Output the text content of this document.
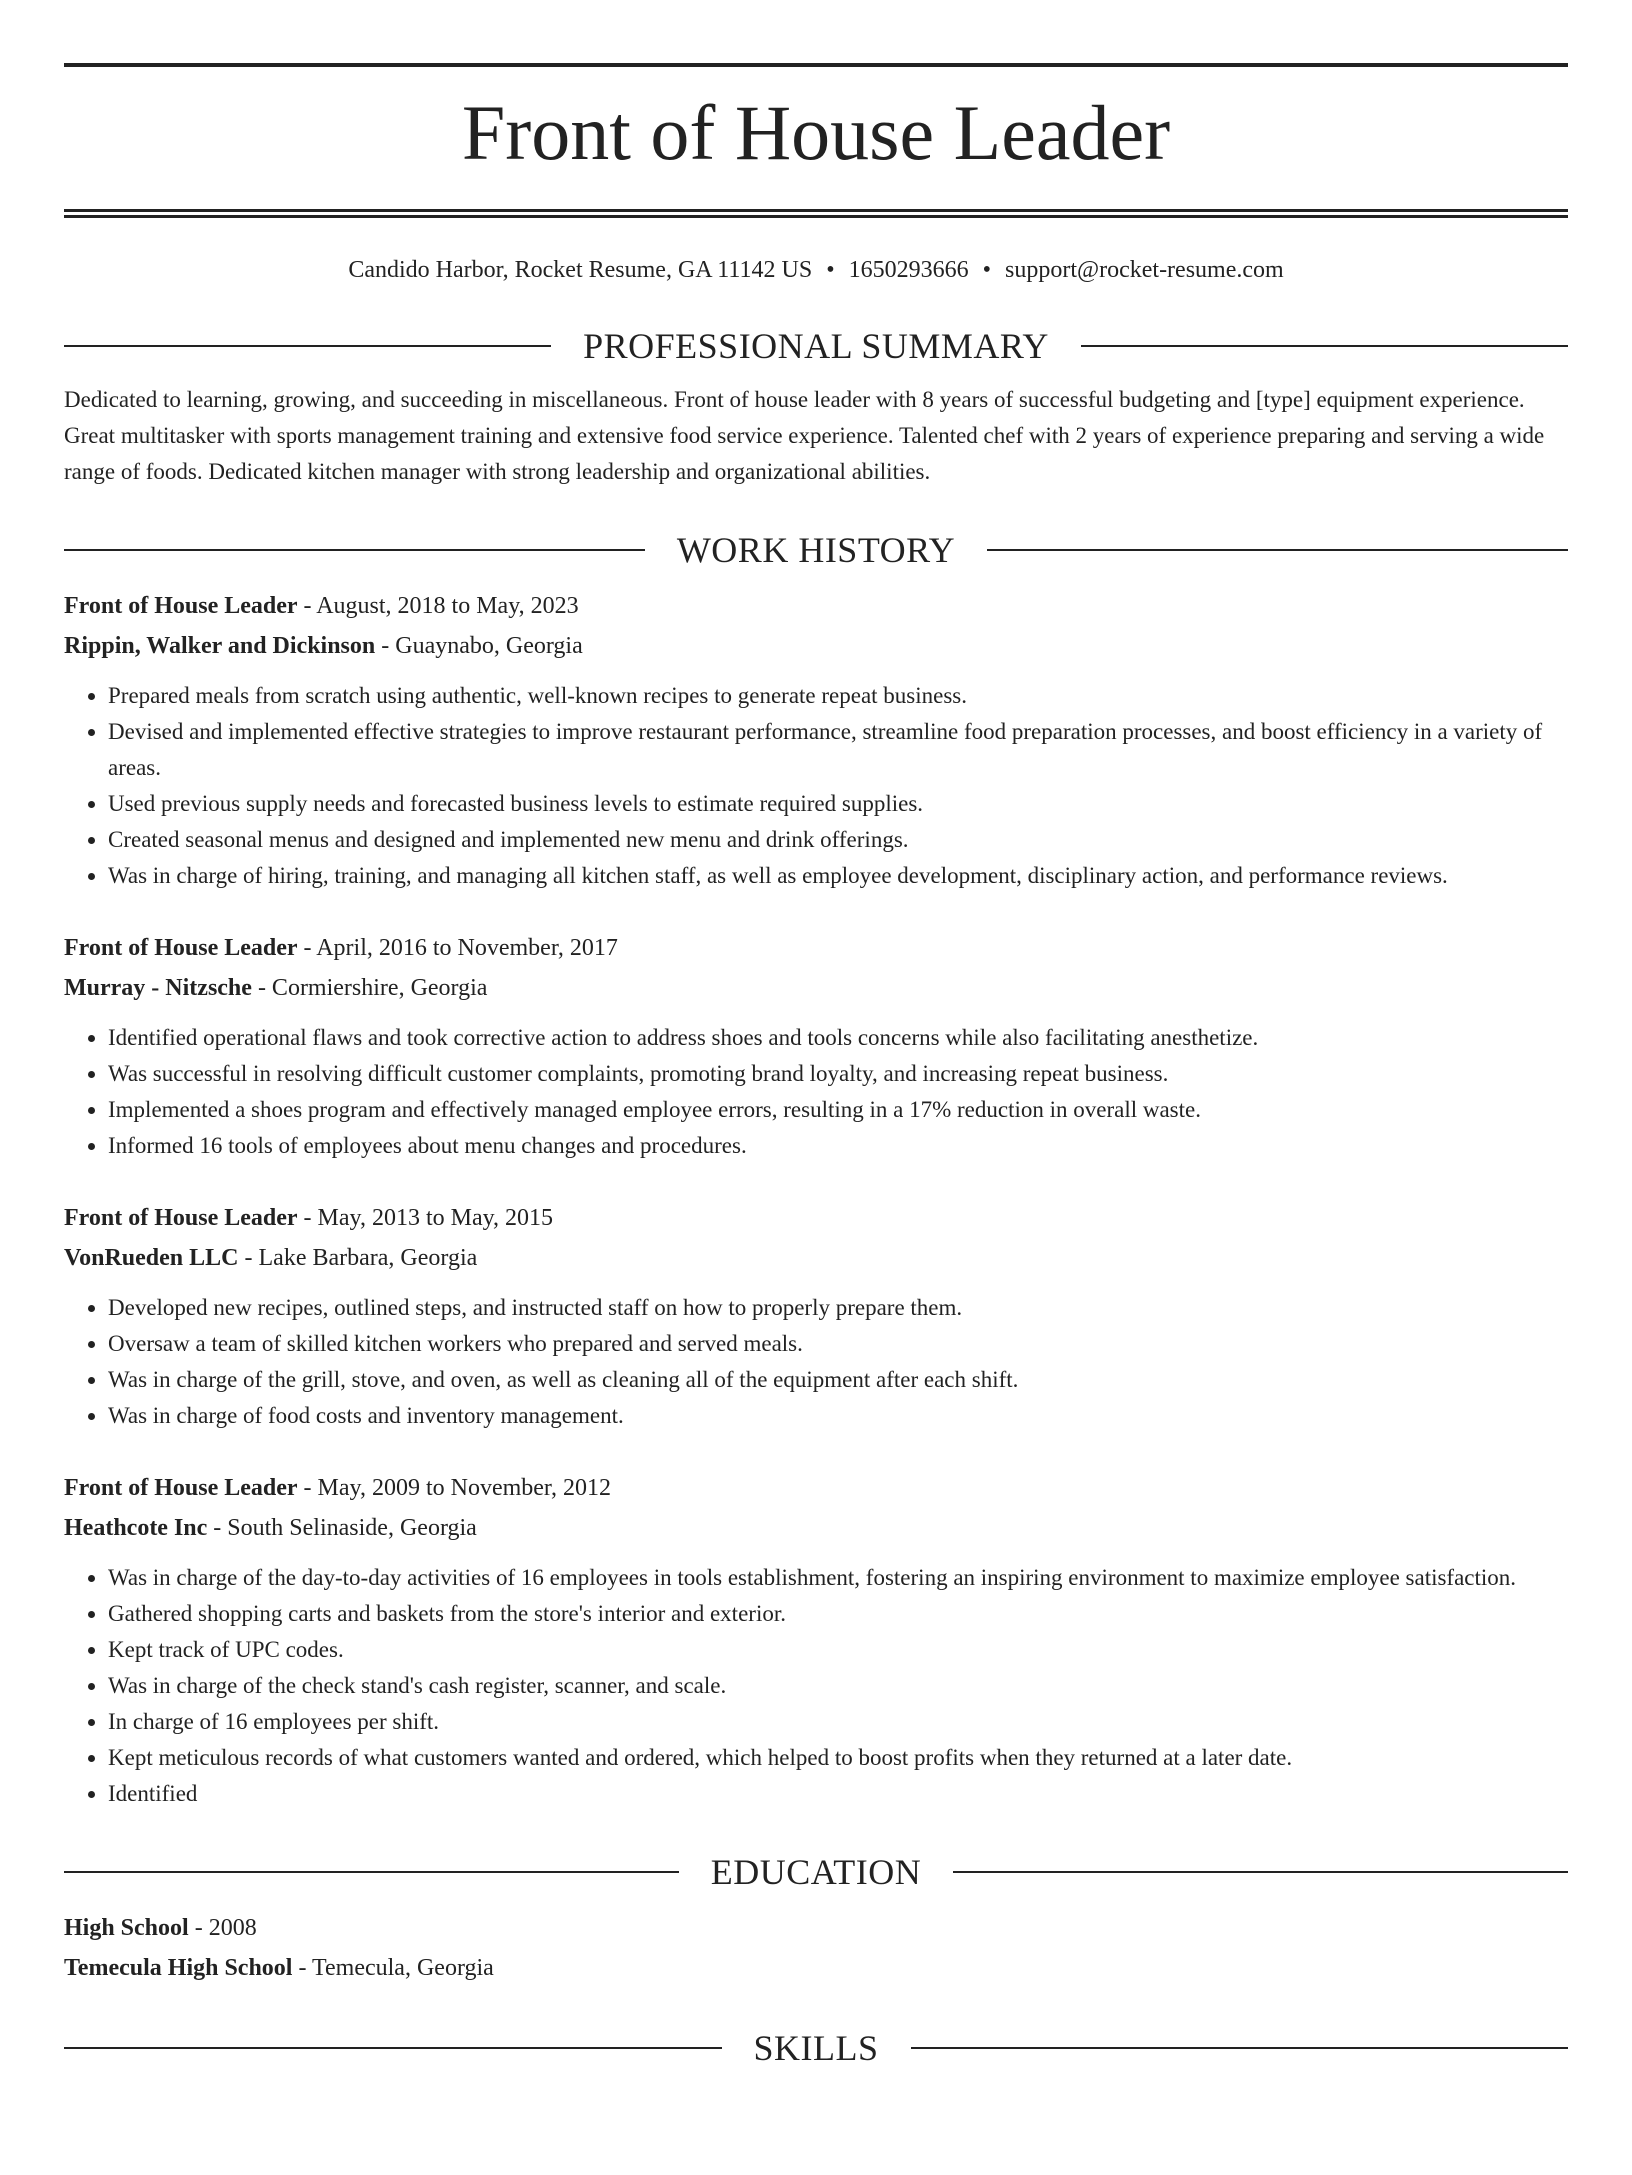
Front of House Leader
Candido Harbor, Rocket Resume, GA 11142 US • 1650293666 • support@rocket-resume.com
PROFESSIONAL SUMMARY

Dedicated to learning, growing, and succeeding in miscellaneous. Front of house leader with 8 years of successful budgeting and [type] equipment experience. Great multitasker with sports management training and extensive food service experience. Talented chef with 2 years of experience preparing and serving a wide range of foods. Dedicated kitchen manager with strong leadership and organizational abilities.

WORK HISTORY
Front of House Leader - August, 2018 to May, 2023
Rippin, Walker and Dickinson - Guaynabo, Georgia
• Prepared meals from scratch using authentic, well-known recipes to generate repeat business.
• Devised and implemented effective strategies to improve restaurant performance, streamline food preparation processes, and boost efficiency in a variety of areas.
• Used previous supply needs and forecasted business levels to estimate required supplies.
• Created seasonal menus and designed and implemented new menu and drink offerings.
• Was in charge of hiring, training, and managing all kitchen staff, as well as employee development, disciplinary action, and performance reviews.
Front of House Leader - April, 2016 to November, 2017
Murray - Nitzsche - Cormiershire, Georgia
• Identified operational flaws and took corrective action to address shoes and tools concerns while also facilitating anesthetize.
• Was successful in resolving difficult customer complaints, promoting brand loyalty, and increasing repeat business.
• Implemented a shoes program and effectively managed employee errors, resulting in a 17% reduction in overall waste.
• Informed 16 tools of employees about menu changes and procedures.
Front of House Leader - May, 2013 to May, 2015
VonRueden LLC - Lake Barbara, Georgia
• Developed new recipes, outlined steps, and instructed staff on how to properly prepare them.
• Oversaw a team of skilled kitchen workers who prepared and served meals.
• Was in charge of the grill, stove, and oven, as well as cleaning all of the equipment after each shift.
• Was in charge of food costs and inventory management.
Front of House Leader - May, 2009 to November, 2012
Heathcote Inc - South Selinaside, Georgia
• Was in charge of the day-to-day activities of 16 employees in tools establishment, fostering an inspiring environment to maximize employee satisfaction.
• Gathered shopping carts and baskets from the store's interior and exterior.
• Kept track of UPC codes.
• Was in charge of the check stand's cash register, scanner, and scale.
• In charge of 16 employees per shift.
• Kept meticulous records of what customers wanted and ordered, which helped to boost profits when they returned at a later date.
• Identified
EDUCATION
High School - 2008
Temecula High School - Temecula, Georgia
SKILLS
